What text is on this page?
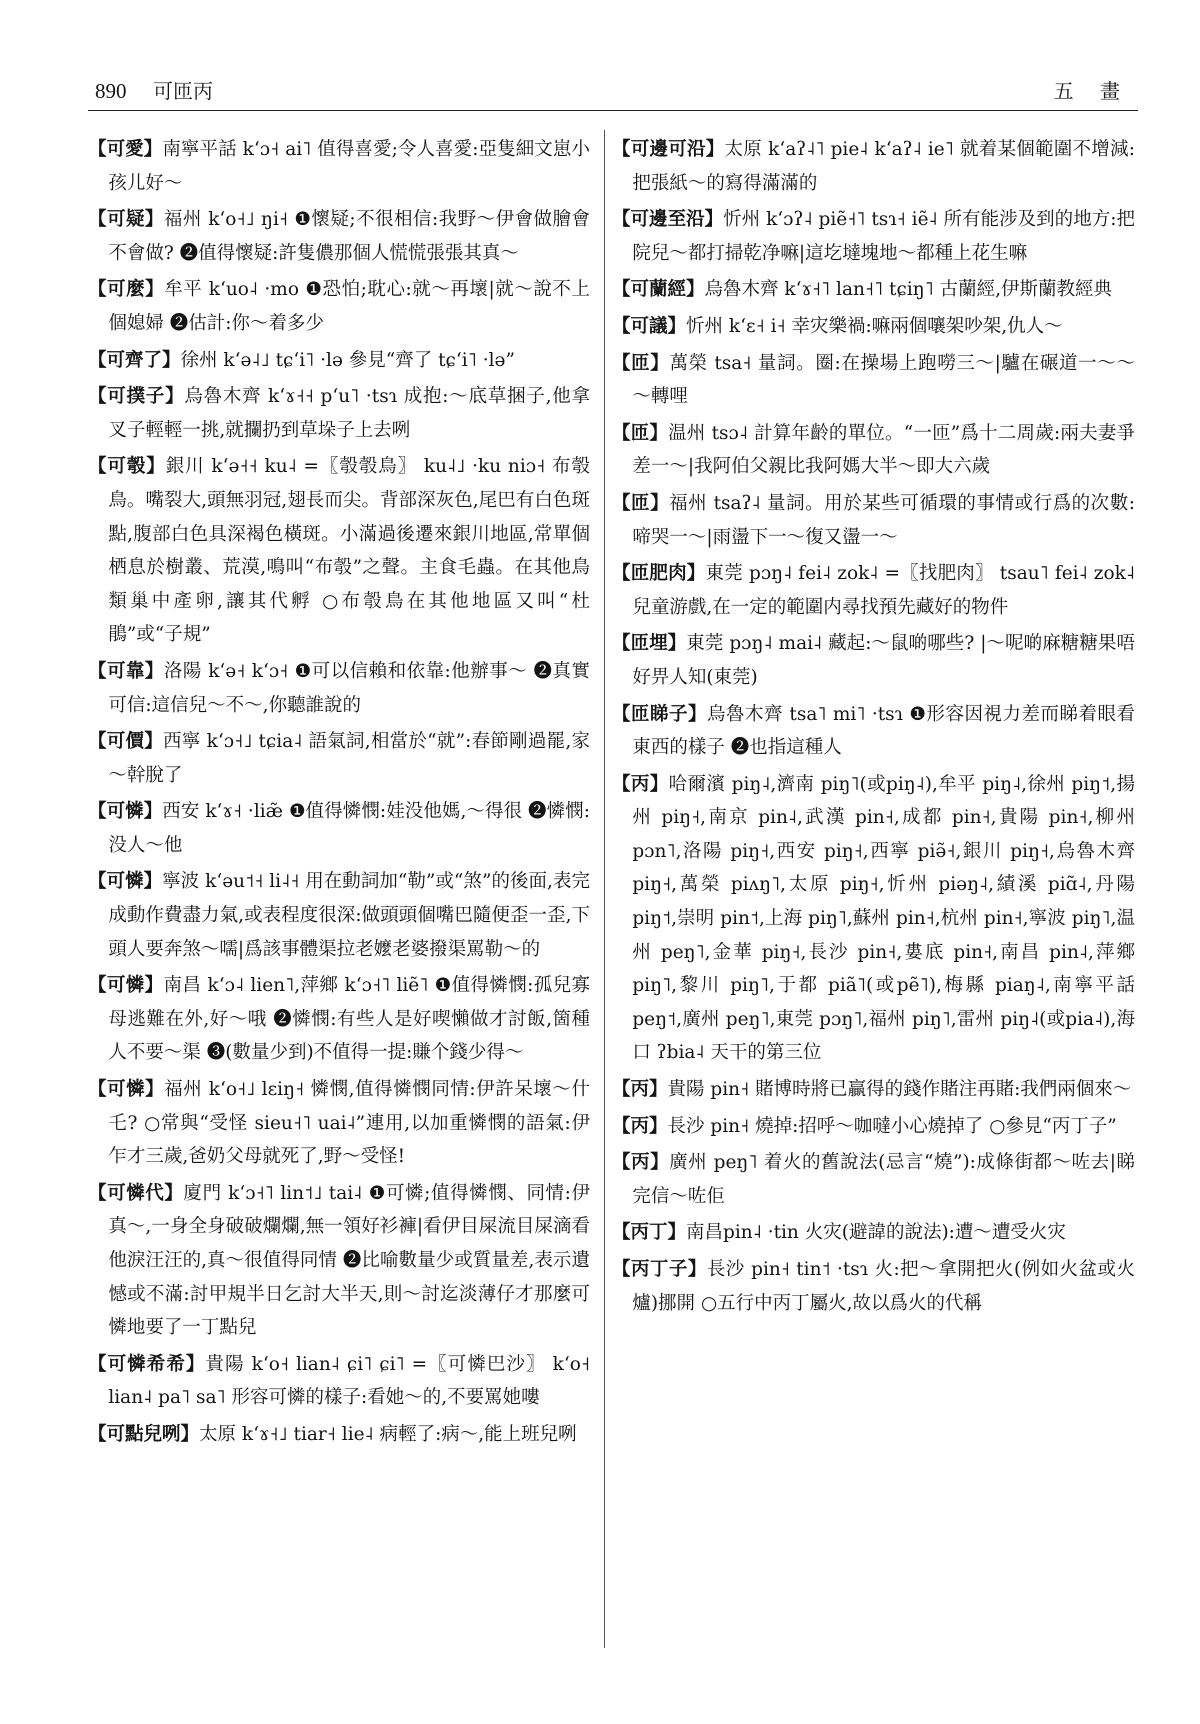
890 可匝丙	五 畫

【可愛】南寧平話 kʻɔ˧ ai˥ 值得喜愛;令人喜愛:亞隻細文崽小孩儿好～

【可疑】福州 kʻo˧˩ ŋi˧ ❶懷疑;不很相信:我野～伊會做膾會不會做? ❷值得懷疑:許隻儂那個人慌慌張張其真～

【可麼】牟平 kʻuo˨ ·mo ❶恐怕;耽心:就～再壞|就～說不上個媳婦 ❷估計:你～着多少

【可齊了】徐州 kʻə˨˩ tɕʻi˥ ·lə 參見“齊了 tɕʻi˥ ·lə”

【可撲子】烏魯木齊 kʻɤ˧˧ pʻu˥ ·tsɿ 成抱:～底草捆子,他拿叉子輕輕一挑,就攔扔到草垛子上去咧

【可彀】銀川 kʻə˧˧ ku˨ =〖彀彀鳥〗 ku˨˩ ·ku niɔ˧ 布彀鳥。嘴裂大,頭無羽冠,翅長而尖。背部深灰色,尾巴有白色斑點,腹部白色具深褐色橫斑。小滿過後遷來銀川地區,常單個栖息於樹叢、荒漠,鳴叫“布彀”之聲。主食毛蟲。在其他鳥類巢中產卵,讓其代孵 ○布彀鳥在其他地區又叫“杜鵑”或“子規”

【可靠】洛陽 kʻə˧ kʻɔ˧ ❶可以信賴和依靠:他辦事～ ❷真實可信:這信兒～不～,你聽誰說的

【可價】西寧 kʻɔ˧˩ tɕia˨ 語氣詞,相當於“就”:春節剛過罷,家～幹脫了

【可憐】西安 kʻɤ˧ ·liæ̃ ❶值得憐憫:娃没他媽,～得很 ❷憐憫:没人～他

【可憐】寧波 kʻəu˦˧ li˨˧ 用在動詞加“勒”或“煞”的後面,表完成動作費盡力氣,或表程度很深:做頭頭個嘴巴隨便歪一歪,下頭人要奔煞～嚅|爲該事體渠拉老嬤老婆撥渠罵勒～的

【可憐】南昌 kʻɔ˨ lien˥,萍鄉 kʻɔ˧˥ liẽ˥ ❶值得憐憫:孤兒寡母逃難在外,好～哦 ❷憐憫:有些人是好喫懶做才討飯,箇種人不要～渠 ❸(數量少到)不值得一提:賺个錢少得～

【可憐】福州 kʻo˧˩ lɛiŋ˧ 憐憫,值得憐憫同情:伊許呆壞～什乇? ○常與“受怪 sieu˧˥ uai˨”連用,以加重憐憫的語氣:伊乍才三歲,爸奶父母就死了,野～受怪!

【可憐代】廈門 kʻɔ˧˥ lin˦˩ tai˨ ❶可憐;值得憐憫、同情:伊真～,一身全身破破爛爛,無一領好衫褲|看伊目屎流目屎滴看他淚汪汪的,真～很值得同情 ❷比喻數量少或質量差,表示遺憾或不滿:討甲規半日乞討大半天,則～討迄淡薄仔才那麼可憐地要了一丁點兒

【可憐希希】貴陽 kʻo˧ lian˨ ɕi˥ ɕi˥ =〖可憐巴沙〗 kʻo˧ lian˨ pa˥ sa˥ 形容可憐的樣子:看她～的,不要罵她嘍

【可點兒咧】太原 kʻɤ˧˩ tiar˧ lie˨ 病輕了:病～,能上班兒咧

【可邊可沿】太原 kʻaʔ˨˥ pie˨ kʻaʔ˨ ie˥ 就着某個範圍不增減:把張紙～的寫得滿滿的

【可邊至沿】忻州 kʻɔʔ˨ piẽ˧˥ tsɿ˧ iẽ˨ 所有能涉及到的地方:把院兒～都打掃乾净嘛|這圪墶塊地～都種上花生嘛

【可蘭經】烏魯木齊 kʻɤ˧˥ lan˧˥ tɕiŋ˥ 古蘭經,伊斯蘭教經典

【可議】忻州 kʻɛ˧ i˧ 幸灾樂禍:嘛兩個嚷架吵架,仇人～

【匝】萬榮 tsa˧ 量詞。圈:在操場上跑嘮三～|驢在碾道一～～～轉哩

【匝】温州 tsɔ˨ 計算年齡的單位。“一匝”爲十二周歲:兩夫妻爭差一～|我阿伯父親比我阿媽大半～即大六歲

【匝】福州 tsaʔ˨ 量詞。用於某些可循環的事情或行爲的次數:啼哭一～|雨盪下一～復又盪一～

【匝肥肉】東莞 pɔŋ˨ fei˨ zok˨ =〖找肥肉〗 tsau˥ fei˨ zok˨ 兒童游戲,在一定的範圍内尋找預先藏好的物件

【匝埋】東莞 pɔŋ˨ mai˨ 藏起:～鼠啲哪些? |～呢啲麻糖糖果唔好畀人知(東莞)

【匝睇子】烏魯木齊 tsa˥ mi˥ ·tsɿ ❶形容因視力差而睇着眼看東西的樣子 ❷也指這種人

【丙】哈爾濱 piŋ˨,濟南 piŋ˥(或piŋ˨),牟平 piŋ˨,徐州 piŋ˦,揚州 piŋ˧,南京 pin˨,武漢 pin˧,成都 pin˧,貴陽 pin˧,柳州 pɔn˥,洛陽 piŋ˧,西安 piŋ˧,西寧 piə̃˧,銀川 piŋ˧,烏魯木齊 piŋ˧,萬榮 piʌŋ˥,太原 piŋ˧,忻州 piəŋ˨,績溪 piɑ̃˨,丹陽 piŋ˦,崇明 pin˦,上海 piŋ˥,蘇州 pin˧,杭州 pin˧,寧波 piŋ˥,温州 peŋ˥,金華 piŋ˧,長沙 pin˧,婁底 pin˧,南昌 pin˨,萍鄉 piŋ˥,黎川 piŋ˥,于都 piã˥(或pẽ˥),梅縣 piaŋ˨,南寧平話 peŋ˦,廣州 peŋ˥,東莞 pɔŋ˥,福州 piŋ˥,雷州 piŋ˨(或pia˨),海口 ʔbia˨ 天干的第三位

【丙】貴陽 pin˧ 賭博時將已贏得的錢作賭注再賭:我們兩個來～

【丙】長沙 pin˧ 燒掉:招呼～咖噠小心燒掉了 ○參見“丙丁子”

【丙】廣州 peŋ˥ 着火的舊說法(忌言“燒”):成條街都～咗去|睇完信～咗佢

【丙丁】南昌pin˨ ·tin 火灾(避諱的說法):遭～遭受火灾

【丙丁子】長沙 pin˧ tin˦ ·tsɿ 火:把～拿開把火(例如火盆或火爐)挪開 ○五行中丙丁屬火,故以爲火的代稱
